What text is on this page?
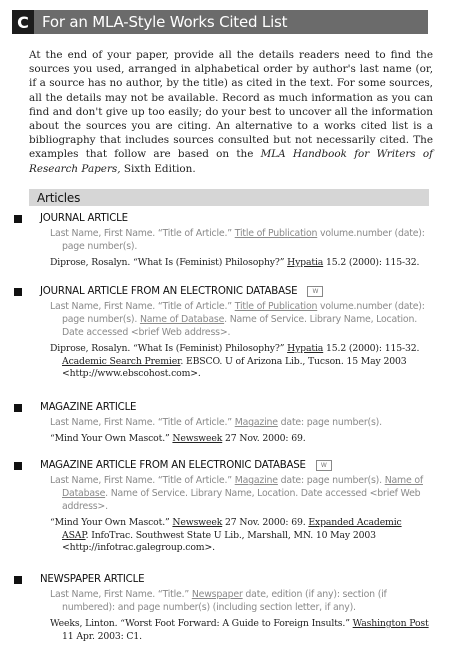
C For an MLA-Style Works Cited List
At the end of your paper, provide all the details readers need to find the sources you used, arranged in alphabetical order by author's last name (or, if a source has no author, by the title) as cited in the text. For some sources, all the details may not be available. Record as much information as you can find and don't give up too easily; do your best to uncover all the information about the sources you are citing. An alternative to a works cited list is a bibliography that includes sources consulted but not necessarily cited. The examples that follow are based on the MLA Handbook for Writers of Research Papers, Sixth Edition.
Articles
JOURNAL ARTICLE
Last Name, First Name. “Title of Article.” Title of Publication volume.number (date): page number(s).
Diprose, Rosalyn. “What Is (Feminist) Philosophy?” Hypatia 15.2 (2000): 115-32.
JOURNAL ARTICLE FROM AN ELECTRONIC DATABASE	W
Last Name, First Name. “Title of Article.” Title of Publication volume.number (date): page number(s). Name of Database. Name of Service. Library Name, Location. Date accessed <brief Web address>.
Diprose, Rosalyn. “What Is (Feminist) Philosophy?” Hypatia 15.2 (2000): 115-32. Academic Search Premier. EBSCO. U of Arizona Lib., Tucson. 15 May 2003 <http://www.ebscohost.com>.
MAGAZINE ARTICLE
Last Name, First Name. “Title of Article.” Magazine date: page number(s).
“Mind Your Own Mascot.” Newsweek 27 Nov. 2000: 69.
MAGAZINE ARTICLE FROM AN ELECTRONIC DATABASE	W
Last Name, First Name. “Title of Article.” Magazine date: page number(s). Name of Database. Name of Service. Library Name, Location. Date accessed <brief Web address>.
“Mind Your Own Mascot.” Newsweek 27 Nov. 2000: 69. Expanded Academic ASAP. InfoTrac. Southwest State U Lib., Marshall, MN. 10 May 2003 <http://infotrac.galegroup.com>.
NEWSPAPER ARTICLE
Last Name, First Name. “Title.” Newspaper date, edition (if any): section (if numbered): and page number(s) (including section letter, if any).
Weeks, Linton. “Worst Foot Forward: A Guide to Foreign Insults.” Washington Post 11 Apr. 2003: C1.
